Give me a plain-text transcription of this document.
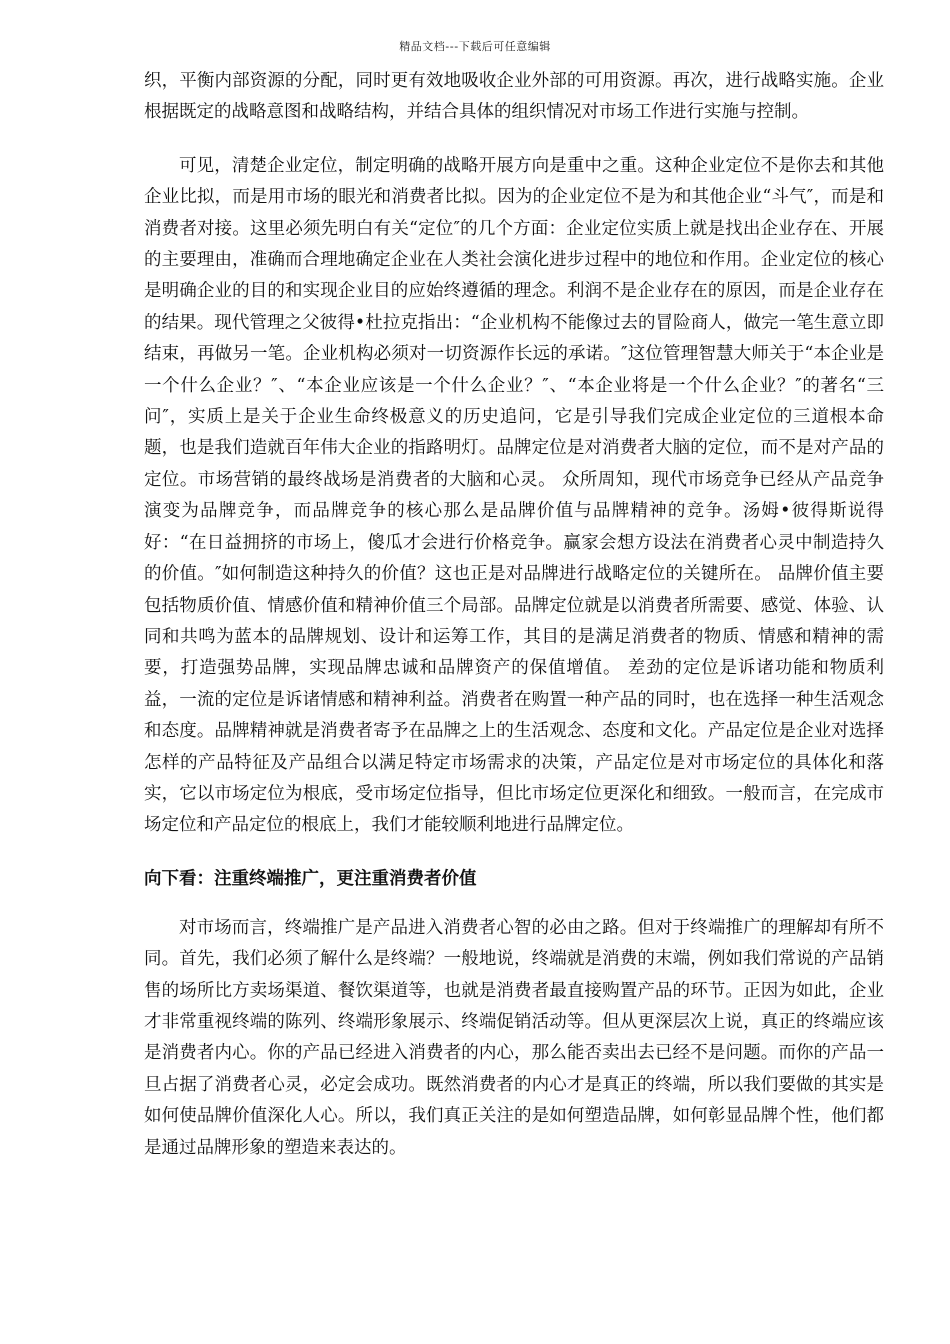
精品文档---下载后可任意编辑

织，平衡内部资源的分配，同时更有效地吸收企业外部的可用资源。再次，进行战略实施。企业根据既定的战略意图和战略结构，并结合具体的组织情况对市场工作进行实施与控制。

可见，清楚企业定位，制定明确的战略开展方向是重中之重。这种企业定位不是你去和其他企业比拟，而是用市场的眼光和消费者比拟。因为的企业定位不是为和其他企业“斗气″，而是和消费者对接。这里必须先明白有关“定位″的几个方面：企业定位实质上就是找出企业存在、开展的主要理由，准确而合理地确定企业在人类社会演化进步过程中的地位和作用。企业定位的核心是明确企业的目的和实现企业目的应始终遵循的理念。利润不是企业存在的原因，而是企业存在的结果。现代管理之父彼得•杜拉克指出：“企业机构不能像过去的冒险商人，做完一笔生意立即结束，再做另一笔。企业机构必须对一切资源作长远的承诺。″这位管理智慧大师关于“本企业是一个什么企业？″、“本企业应该是一个什么企业？″、“本企业将是一个什么企业？″的著名“三问″，实质上是关于企业生命终极意义的历史追问，它是引导我们完成企业定位的三道根本命题，也是我们造就百年伟大企业的指路明灯。品牌定位是对消费者大脑的定位，而不是对产品的定位。市场营销的最终战场是消费者的大脑和心灵。 众所周知，现代市场竞争已经从产品竞争演变为品牌竞争，而品牌竞争的核心那么是品牌价值与品牌精神的竞争。汤姆•彼得斯说得好：“在日益拥挤的市场上，傻瓜才会进行价格竞争。赢家会想方设法在消费者心灵中制造持久的价值。″如何制造这种持久的价值？这也正是对品牌进行战略定位的关键所在。 品牌价值主要包括物质价值、情感价值和精神价值三个局部。品牌定位就是以消费者所需要、感觉、体验、认同和共鸣为蓝本的品牌规划、设计和运筹工作，其目的是满足消费者的物质、情感和精神的需要，打造强势品牌，实现品牌忠诚和品牌资产的保值增值。 差劲的定位是诉诸功能和物质利益，一流的定位是诉诸情感和精神利益。消费者在购置一种产品的同时，也在选择一种生活观念和态度。品牌精神就是消费者寄予在品牌之上的生活观念、态度和文化。产品定位是企业对选择怎样的产品特征及产品组合以满足特定市场需求的决策，产品定位是对市场定位的具体化和落实，它以市场定位为根底，受市场定位指导，但比市场定位更深化和细致。一般而言，在完成市场定位和产品定位的根底上，我们才能较顺利地进行品牌定位。

向下看：注重终端推广，更注重消费者价值

对市场而言，终端推广是产品进入消费者心智的必由之路。但对于终端推广的理解却有所不同。首先，我们必须了解什么是终端？一般地说，终端就是消费的末端，例如我们常说的产品销售的场所比方卖场渠道、餐饮渠道等，也就是消费者最直接购置产品的环节。正因为如此，企业才非常重视终端的陈列、终端形象展示、终端促销活动等。但从更深层次上说，真正的终端应该是消费者内心。你的产品已经进入消费者的内心，那么能否卖出去已经不是问题。而你的产品一旦占据了消费者心灵，必定会成功。既然消费者的内心才是真正的终端，所以我们要做的其实是如何使品牌价值深化人心。所以，我们真正关注的是如何塑造品牌，如何彰显品牌个性，他们都是通过品牌形象的塑造来表达的。
